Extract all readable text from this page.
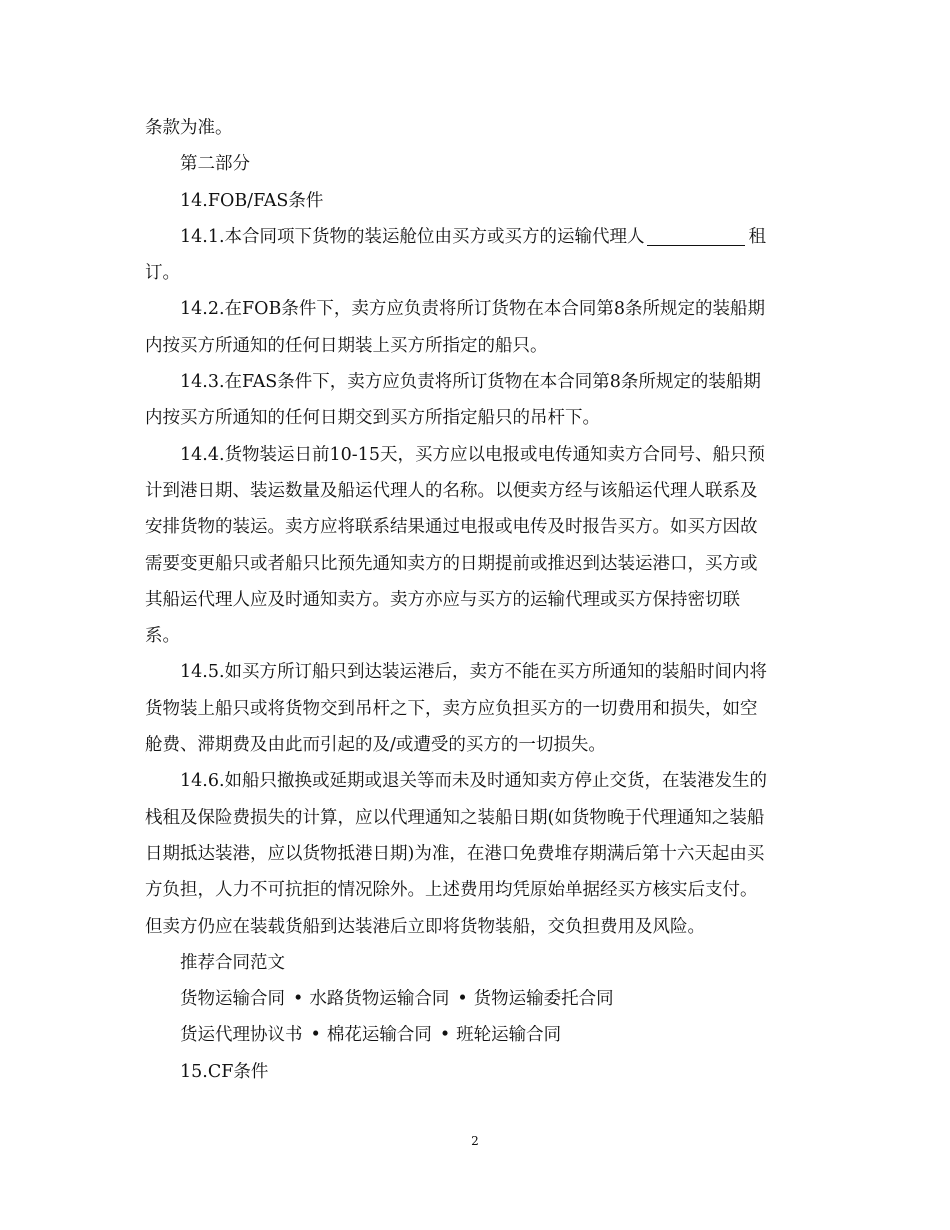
条款为准。

第二部分

14.FOB/FAS条件

14.1.本合同项下货物的装运舱位由买方或买方的运输代理人	租

订。

14.2.在FOB条件下，卖方应负责将所订货物在本合同第8条所规定的装船期

内按买方所通知的任何日期装上买方所指定的船只。

14.3.在FAS条件下，卖方应负责将所订货物在本合同第8条所规定的装船期

内按买方所通知的任何日期交到买方所指定船只的吊杆下。

14.4.货物装运日前10-15天，买方应以电报或电传通知卖方合同号、船只预

计到港日期、装运数量及船运代理人的名称。以便卖方经与该船运代理人联系及
安排货物的装运。卖方应将联系结果通过电报或电传及时报告买方。如买方因故
需要变更船只或者船只比预先通知卖方的日期提前或推迟到达装运港口，买方或
其船运代理人应及时通知卖方。卖方亦应与买方的运输代理或买方保持密切联
系。

14.5.如买方所订船只到达装运港后，卖方不能在买方所通知的装船时间内将

货物装上船只或将货物交到吊杆之下，卖方应负担买方的一切费用和损失，如空
舱费、滞期费及由此而引起的及/或遭受的买方的一切损失。

14.6.如船只撤换或延期或退关等而未及时通知卖方停止交货，在装港发生的

栈租及保险费损失的计算，应以代理通知之装船日期(如货物晚于代理通知之装船
日期抵达装港，应以货物抵港日期)为准，在港口免费堆存期满后第十六天起由买
方负担，人力不可抗拒的情况除外。上述费用均凭原始单据经买方核实后支付。
但卖方仍应在装载货船到达装港后立即将货物装船，交负担费用及风险。

推荐合同范文

货物运输合同 • 水路货物运输合同 • 货物运输委托合同

货运代理协议书 • 棉花运输合同 • 班轮运输合同

15.CF条件

2
